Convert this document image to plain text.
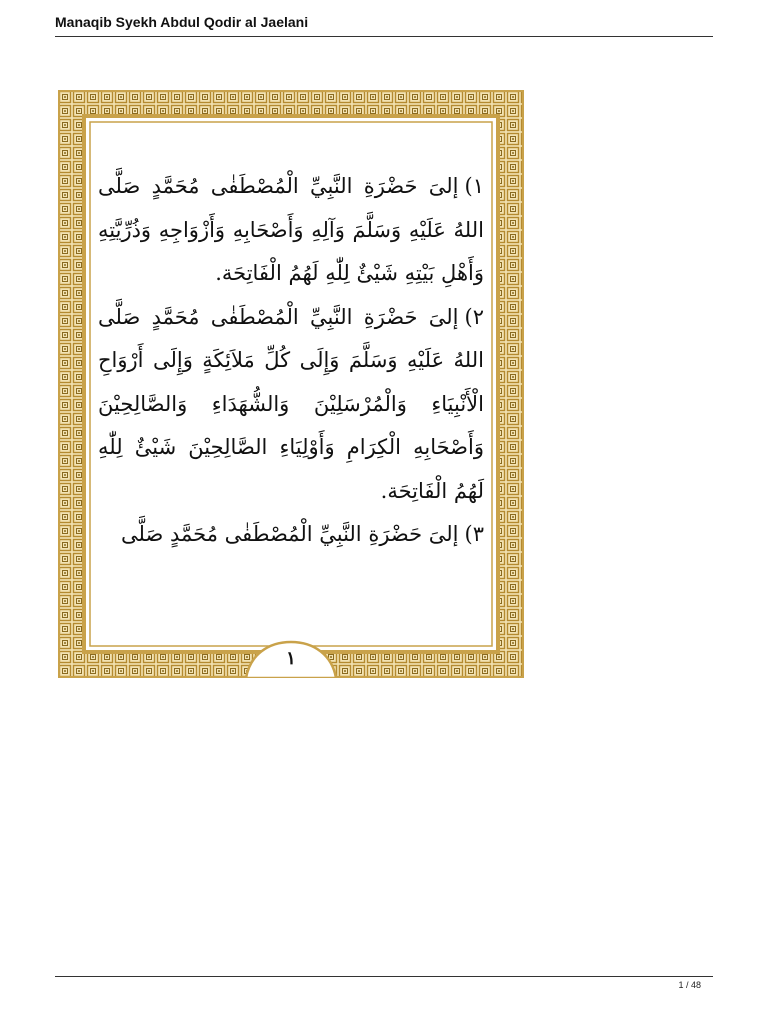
Manaqib Syekh Abdul Qodir al Jaelani

١)إلىَ حَضْرَةِ النَّبِيِّ الْمُصْطَفٰى مُحَمَّدٍ صَلَّى اللهُ عَلَيْهِ وَسَلَّمَ وَآلِهِ وَأَصْحَابِهِ وَأَزْوَاجِهِ وَذُرِّيَّتِهِ وَأَهْلِ بَيْتِهِ شَيْئٌ لِلّٰهِ لَهُمُ الْفَاتِحَة.

٢)إلىَ حَضْرَةِ النَّبِيِّ الْمُصْطَفٰى مُحَمَّدٍ صَلَّى اللهُ عَلَيْهِ وَسَلَّمَ وَإِلَى كُلِّ مَلاَئِكَةٍ وَإِلَى أَرْوَاحِ الْأَنْبِيَاءِ وَالْمُرْسَلِيْنَ وَالشُّهَدَاءِ وَالصَّالِحِيْنَ وَأَصْحَابِهِ الْكِرَامِ وَأَوْلِيَاءِ الصَّالِحِيْنَ شَيْئٌ لِلّٰهِ لَهُمُ الْفَاتِحَة.

٣)إلىَ حَضْرَةِ النَّبِيِّ الْمُصْطَفٰى مُحَمَّدٍ صَلَّى

١
1 / 48
